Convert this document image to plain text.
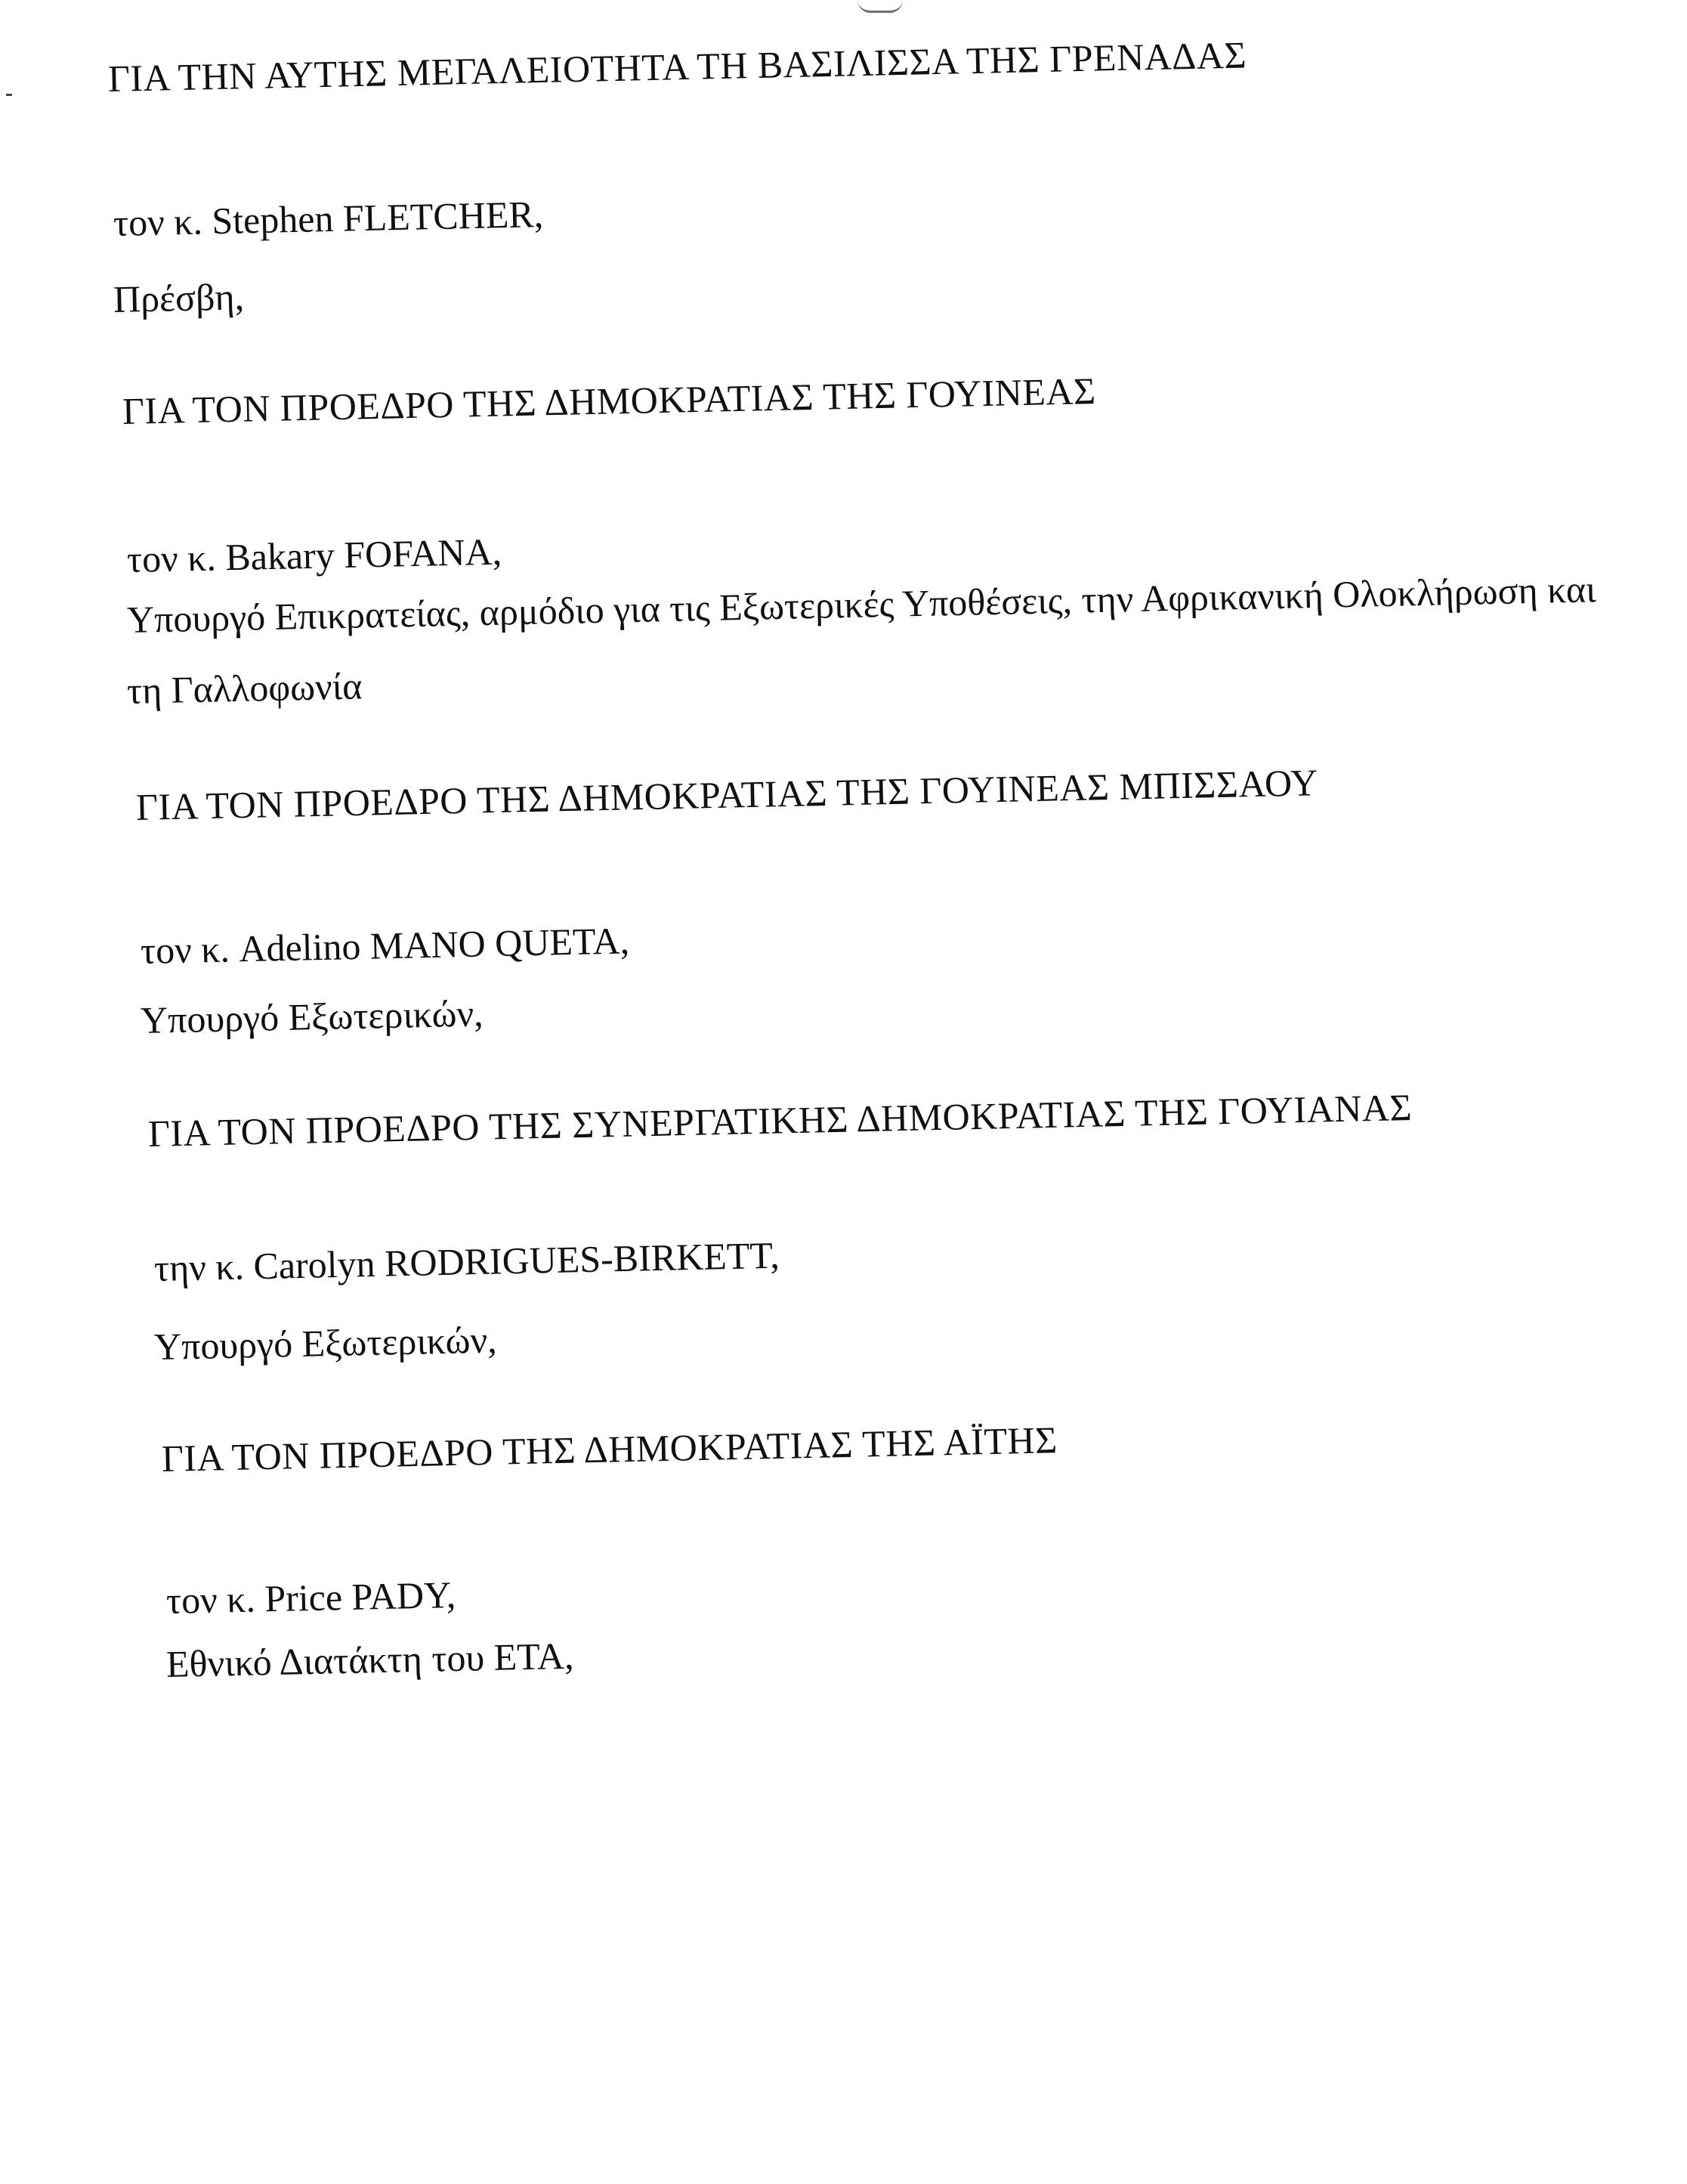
ΓΙΑ ΤΗΝ ΑΥΤΗΣ ΜΕΓΑΛΕΙΟΤΗΤΑ ΤΗ ΒΑΣΙΛΙΣΣΑ ΤΗΣ ΓΡΕΝΑΔΑΣ
τον κ. Stephen FLETCHER,
Πρέσβη,
ΓΙΑ ΤΟΝ ΠΡΟΕΔΡΟ ΤΗΣ ΔΗΜΟΚΡΑΤΙΑΣ ΤΗΣ ΓΟΥΙΝΕΑΣ
τον κ. Bakary FOFANA,
Υπουργό Επικρατείας, αρμόδιο για τις Εξωτερικές Υποθέσεις, την Αφρικανική Ολοκλήρωση και
τη Γαλλοφωνία
ΓΙΑ ΤΟΝ ΠΡΟΕΔΡΟ ΤΗΣ ΔΗΜΟΚΡΑΤΙΑΣ ΤΗΣ ΓΟΥΙΝΕΑΣ ΜΠΙΣΣΑΟΥ
τον κ. Adelino MANO QUETA,
Υπουργό Εξωτερικών,
ΓΙΑ ΤΟΝ ΠΡΟΕΔΡΟ ΤΗΣ ΣΥΝΕΡΓΑΤΙΚΗΣ ΔΗΜΟΚΡΑΤΙΑΣ ΤΗΣ ΓΟΥΙΑΝΑΣ
την κ. Carolyn RODRIGUES-BIRKETT,
Υπουργό Εξωτερικών,
ΓΙΑ ΤΟΝ ΠΡΟΕΔΡΟ ΤΗΣ ΔΗΜΟΚΡΑΤΙΑΣ ΤΗΣ ΑΪΤΗΣ
τον κ. Price PADY,
Εθνικό Διατάκτη του ΕΤΑ,
